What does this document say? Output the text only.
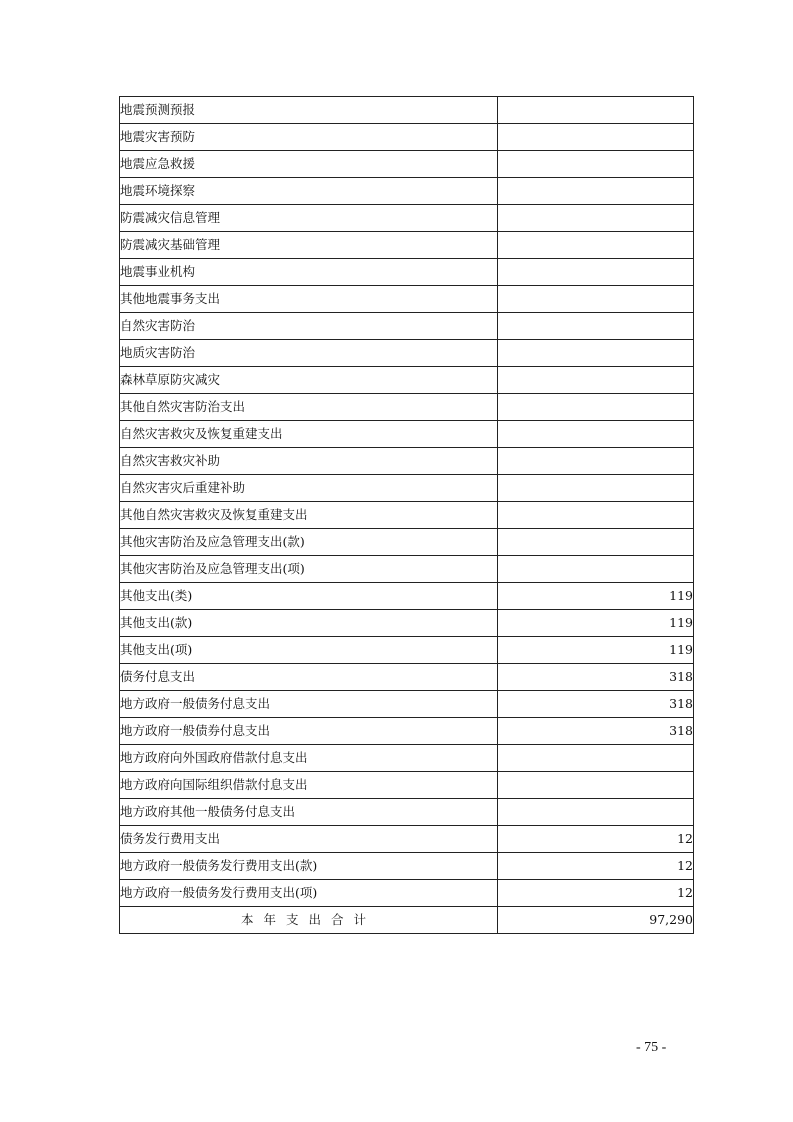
地震预测预报	
地震灾害预防	
地震应急救援	
地震环境探察	
防震减灾信息管理	
防震减灾基础管理	
地震事业机构	
其他地震事务支出	
自然灾害防治	
地质灾害防治	
森林草原防灾减灾	
其他自然灾害防治支出	
自然灾害救灾及恢复重建支出	
自然灾害救灾补助	
自然灾害灾后重建补助	
其他自然灾害救灾及恢复重建支出	
其他灾害防治及应急管理支出(款)	
其他灾害防治及应急管理支出(项)	
其他支出(类)	119
其他支出(款)	119
其他支出(项)	119
债务付息支出	318
地方政府一般债务付息支出	318
地方政府一般债券付息支出	318
地方政府向外国政府借款付息支出	
地方政府向国际组织借款付息支出	
地方政府其他一般债务付息支出	
债务发行费用支出	12
地方政府一般债务发行费用支出(款)	12
地方政府一般债务发行费用支出(项)	12
本年支出合计	97,290
- 75 -
